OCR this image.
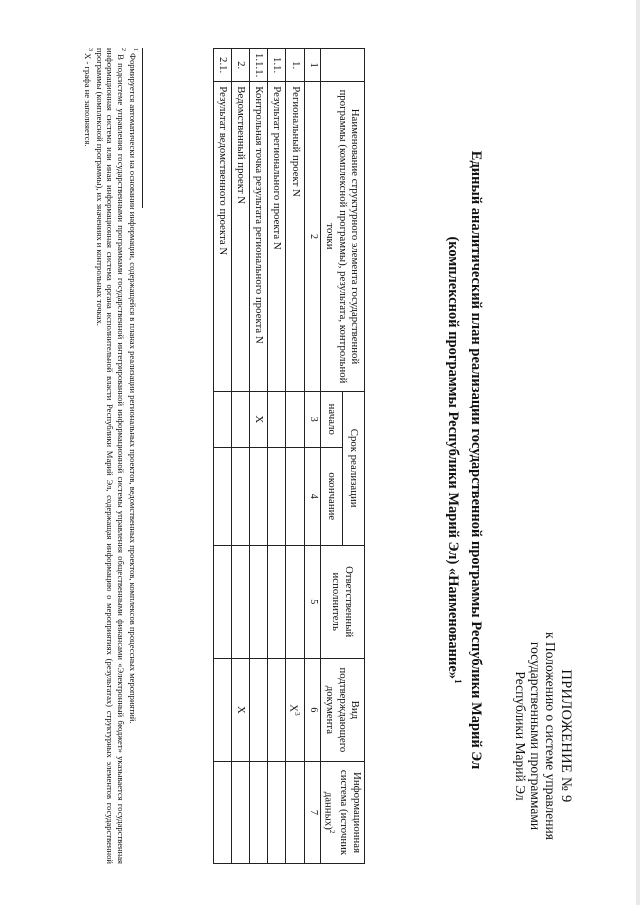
ПРИЛОЖЕНИЕ № 9
к Положению о системе управления
государственными программами
Республики Марий Эл
Единый аналитический план реализации государственной программы Республики Марий Эл
(комплексной программы Республики Марий Эл) «Наименование»$^1$
	Наименование структурного элемента государственной программы (комплексной программы), результата, контрольной точки	Срок реализации		Ответственный исполнитель	Вид подтверждающего документа	Информационная система (источник данных)$^2$
		начало	окончание			
1	2	3	4	5	6	7
1.	Региональный проект N				$X^3$	
1.1.	Результат регионального проекта N					
1.1.1.	Контрольная точка результата регионального проекта N	X				
2.	Ведомственный проект N				X	
2.1.	Результат ведомственного проекта N					

$^1$ Формируется автоматически на основании информации, содержащейся в планах реализации региональных проектов, ведомственных проектов, комплексов процессных мероприятий.

$^2$ В подсистеме управления государственными программами государственной интегрированной информационной системы управления общественными финансами «Электронный бюджет» указывается государственная информационная система или иная информационная система органа исполнительной власти Республики Марий Эл, содержащая информацию о мероприятиях (результатах) структурных элементов государственной программы (комплексной программы), их значениях и контрольных точках.

$^3$ Х - графа не заполняется.
